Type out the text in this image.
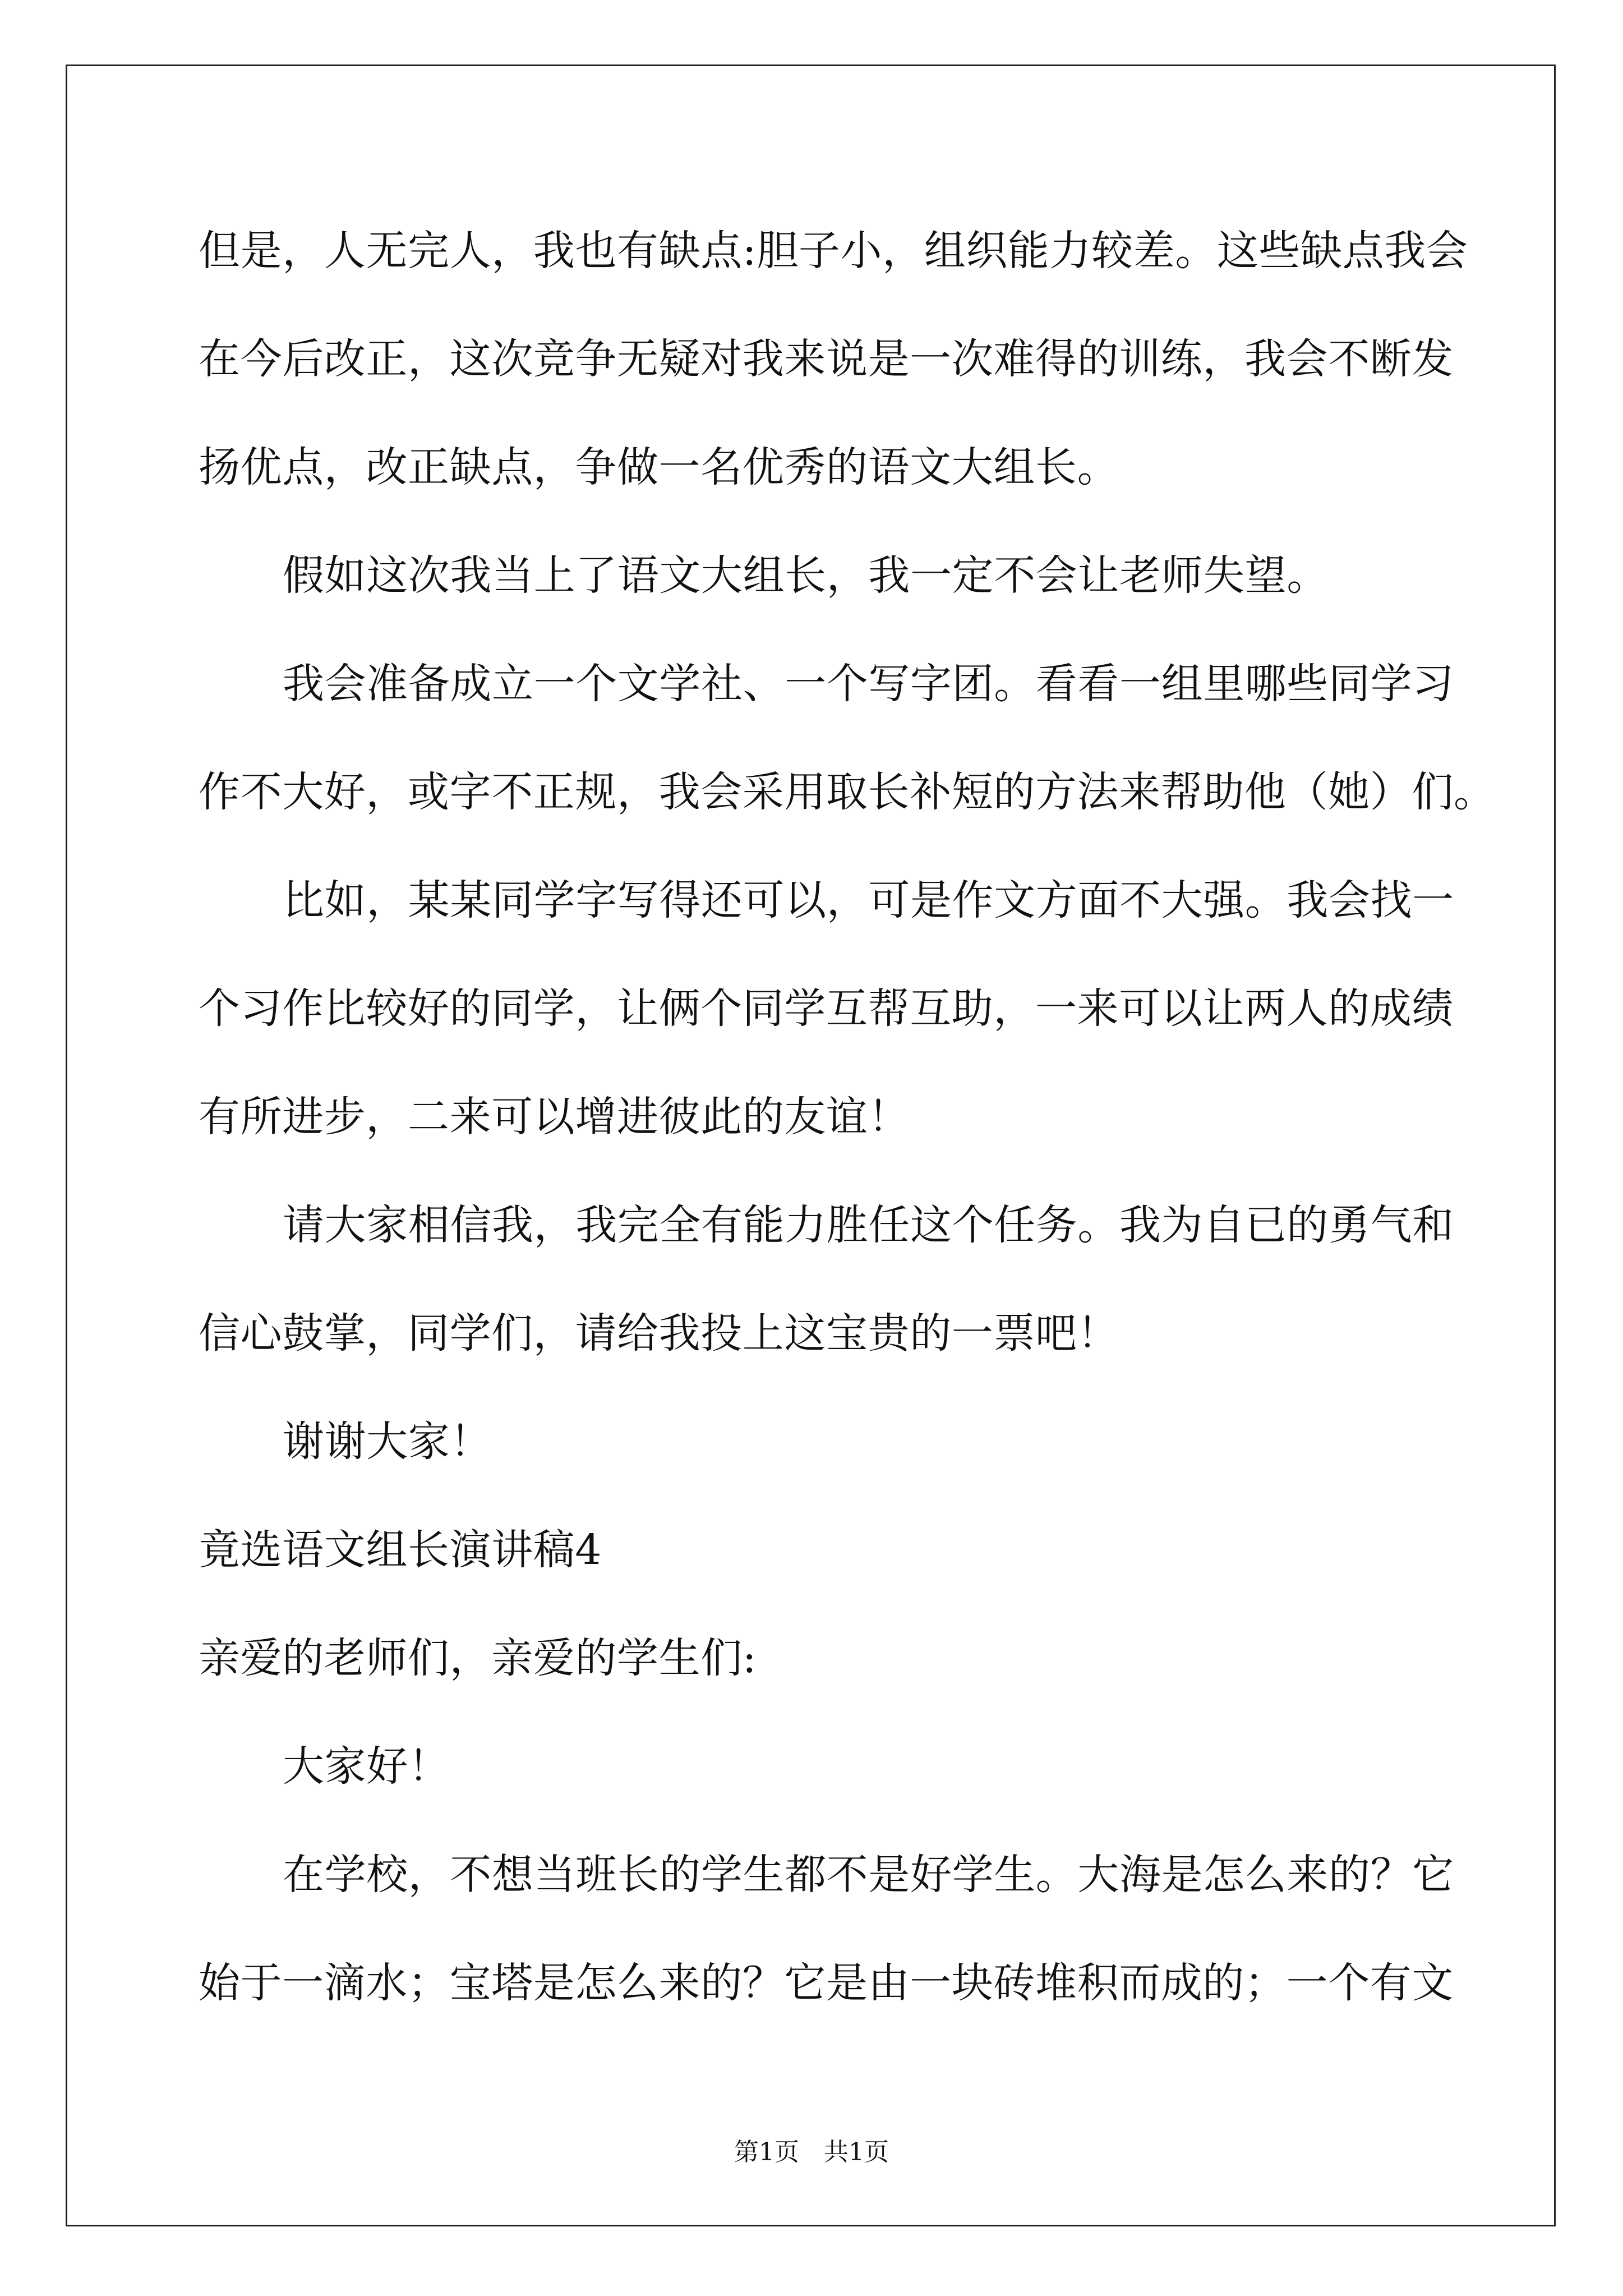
但是，人无完人，我也有缺点:胆子小，组织能力较差。这些缺点我会

在今后改正，这次竞争无疑对我来说是一次难得的训练，我会不断发

扬优点，改正缺点，争做一名优秀的语文大组长。

假如这次我当上了语文大组长，我一定不会让老师失望。

我会准备成立一个文学社、一个写字团。看看一组里哪些同学习

作不大好，或字不正规，我会采用取长补短的方法来帮助他（她）们。

比如，某某同学字写得还可以，可是作文方面不大强。我会找一

个习作比较好的同学，让俩个同学互帮互助，一来可以让两人的成绩

有所进步，二来可以增进彼此的友谊！

请大家相信我，我完全有能力胜任这个任务。我为自已的勇气和

信心鼓掌，同学们，请给我投上这宝贵的一票吧！

谢谢大家！

竟选语文组长演讲稿4

亲爱的老师们，亲爱的学生们:

大家好！

在学校，不想当班长的学生都不是好学生。大海是怎么来的？它

始于一滴水；宝塔是怎么来的？它是由一块砖堆积而成的；一个有文

第1页　共1页
